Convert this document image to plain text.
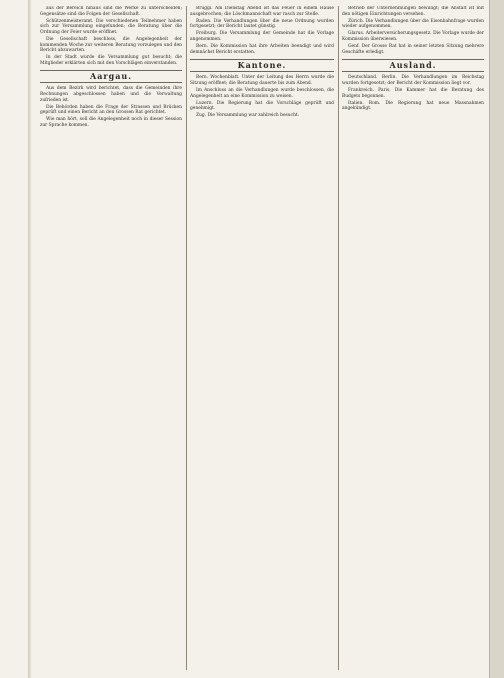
aus der Bereich hinaus sind die Werke zu unterscheiden; Gegensätze sind die Folgen der Gesellschaft.

Schützenmeisteramt. Die verschiedenen Teilnehmer haben sich zur Versammlung eingefunden; die Beratung über die Ordnung der Feier wurde eröffnet.

Die Gesellschaft beschloss, die Angelegenheit der kommenden Woche zur weiteren Beratung vorzulegen und den Bericht abzuwarten.

In der Stadt wurde die Versammlung gut besucht; die Mitglieder erklärten sich mit den Vorschlägen einverstanden.

Aargau.

Aus dem Bezirk wird berichtet, dass die Gemeinden ihre Rechnungen abgeschlossen haben und die Verwaltung zufrieden ist.

Die Behörden haben die Frage der Strassen und Brücken geprüft und einen Bericht an den Grossen Rat gerichtet.

Wie man hört, soll die Angelegenheit noch in dieser Session zur Sprache kommen.

Bruggi. Am Dienstag Abend ist das Feuer in einem Hause ausgebrochen; die Löschmannschaft war rasch zur Stelle.

Baden. Die Verhandlungen über die neue Ordnung wurden fortgesetzt; der Bericht lautet günstig.

Freiburg. Die Versammlung der Gemeinde hat die Vorlage angenommen.

Bern. Die Kommission hat ihre Arbeiten beendigt und wird demnächst Bericht erstatten.

Kantone.

Bern. Wochenblatt. Unter der Leitung des Herrn wurde die Sitzung eröffnet; die Beratung dauerte bis zum Abend.

Im Anschluss an die Verhandlungen wurde beschlossen, die Angelegenheit an eine Kommission zu weisen.

Luzern. Die Regierung hat die Vorschläge geprüft und genehmigt.

Zug. Die Versammlung war zahlreich besucht.

Betrieb der Unternehmungen bewilligt; die Anstalt ist mit den nötigen Einrichtungen versehen.

Zürich. Die Verhandlungen über die Eisenbahnfrage wurden wieder aufgenommen.

Glarus. Arbeiterversicherungsgesetz. Die Vorlage wurde der Kommission überwiesen.

Genf. Der Grosse Rat hat in seiner letzten Sitzung mehrere Geschäfte erledigt.

Ausland.

Deutschland. Berlin. Die Verhandlungen im Reichstag wurden fortgesetzt; der Bericht der Kommission liegt vor.

Frankreich. Paris. Die Kammer hat die Beratung des Budgets begonnen.

Italien. Rom. Die Regierung hat neue Massnahmen angekündigt.
